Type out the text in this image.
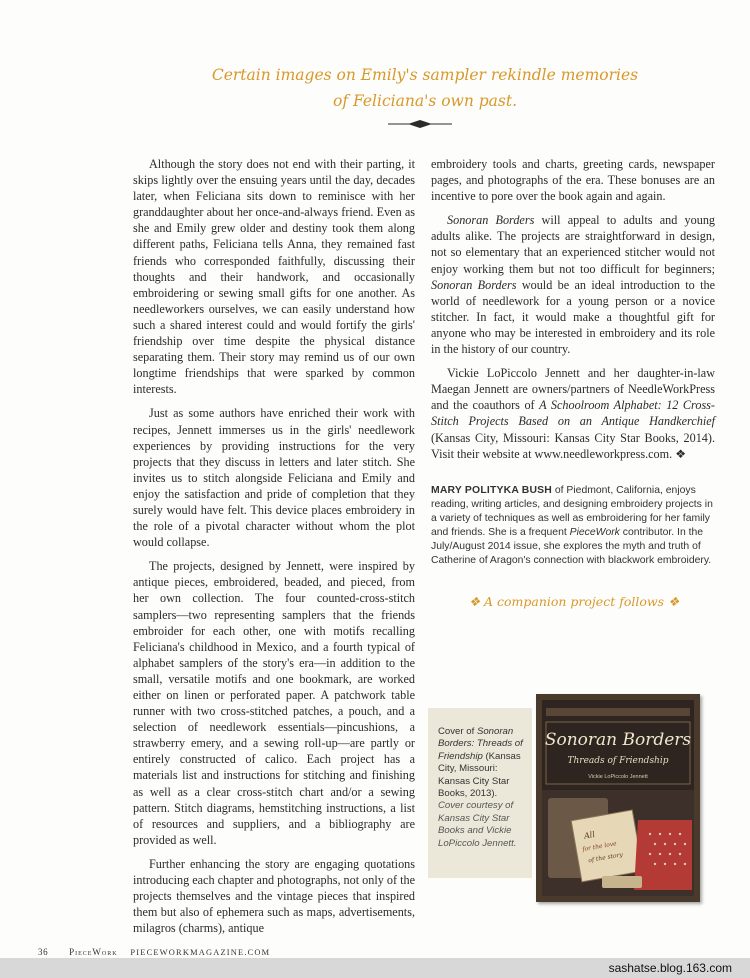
Certain images on Emily's sampler rekindle memories
of Feliciana's own past.

Although the story does not end with their parting, it skips lightly over the ensuing years until the day, decades later, when Feliciana sits down to reminisce with her granddaughter about her once-and-always friend. Even as she and Emily grew older and destiny took them along different paths, Feliciana tells Anna, they remained fast friends who corresponded faithfully, discussing their thoughts and their handwork, and occasionally embroidering or sewing small gifts for one another. As needleworkers ourselves, we can easily understand how such a shared interest could and would fortify the girls' friendship over time despite the physical distance separating them. Their story may remind us of our own longtime friendships that were sparked by common interests.

Just as some authors have enriched their work with recipes, Jennett immerses us in the girls' needlework experiences by providing instructions for the very projects that they discuss in letters and later stitch. She invites us to stitch alongside Feliciana and Emily and enjoy the satisfaction and pride of completion that they surely would have felt. This device places embroidery in the role of a pivotal character without whom the plot would collapse.

The projects, designed by Jennett, were inspired by antique pieces, embroidered, beaded, and pieced, from her own collection. The four counted-cross-stitch samplers—two representing samplers that the friends embroider for each other, one with motifs recalling Feliciana's childhood in Mexico, and a fourth typical of alphabet samplers of the story's era—in addition to the small, versatile motifs and one bookmark, are worked either on linen or perforated paper. A patchwork table runner with two cross-stitched patches, a pouch, and a selection of needlework essentials—pincushions, a strawberry emery, and a sewing roll-up—are partly or entirely constructed of calico. Each project has a materials list and instructions for stitching and finishing as well as a clear cross-stitch chart and/or a sewing pattern. Stitch diagrams, hemstitching instructions, a list of resources and suppliers, and a bibliography are provided as well.

Further enhancing the story are engaging quotations introducing each chapter and photographs, not only of the projects themselves and the vintage pieces that inspired them but also of ephemera such as maps, advertisements, milagros (charms), antique

embroidery tools and charts, greeting cards, newspaper pages, and photographs of the era. These bonuses are an incentive to pore over the book again and again.

Sonoran Borders will appeal to adults and young adults alike. The projects are straightforward in design, not so elementary that an experienced stitcher would not enjoy working them but not too difficult for beginners; Sonoran Borders would be an ideal introduction to the world of needlework for a young person or a novice stitcher. In fact, it would make a thoughtful gift for anyone who may be interested in embroidery and its role in the history of our country.

Vickie LoPiccolo Jennett and her daughter-in-law Maegan Jennett are owners/partners of NeedleWorkPress and the coauthors of A Schoolroom Alphabet: 12 Cross-Stitch Projects Based on an Antique Handkerchief (Kansas City, Missouri: Kansas City Star Books, 2014). Visit their website at www.needleworkpress.com. ❖

MARY POLITYKA BUSH of Piedmont, California, enjoys reading, writing articles, and designing embroidery projects in a variety of techniques as well as embroidering for her family and friends. She is a frequent PieceWork contributor. In the July/August 2014 issue, she explores the myth and truth of Catherine of Aragon's connection with blackwork embroidery.

❖ A companion project follows ❖

Cover of Sonoran Borders: Threads of Friendship (Kansas City, Missouri: Kansas City Star Books, 2013).

Cover courtesy of Kansas City Star Books and Vickie LoPiccolo Jennett.

Sonoran Borders
Threads of Friendship
Vickie LoPiccolo Jennett
All
for the love
of the story
36 PieceWork PIECEWORKMAGAZINE.COM
sashatse.blog.163.com
